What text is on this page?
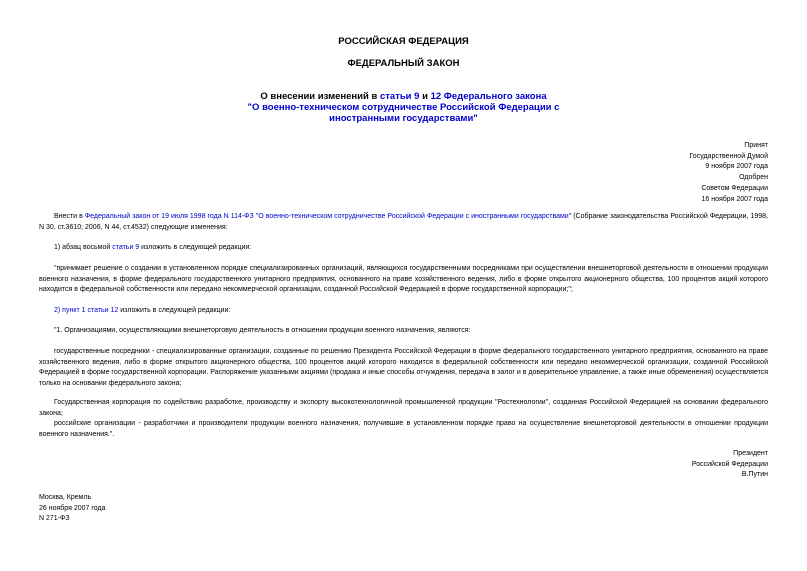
РОССИЙСКАЯ ФЕДЕРАЦИЯ
ФЕДЕРАЛЬНЫЙ ЗАКОН
О внесении изменений в статьи 9 и 12 Федерального закона
"О военно-техническом сотрудничестве Российской Федерации с
иностранными государствами"
Принят
Государственной Думой
9 ноября 2007 года
Одобрен
Советом Федерации
16 ноября 2007 года
Внести в Федеральный закон от 19 июля 1998 года N 114-ФЗ "О военно-техническом сотрудничестве Российской Федерации с иностранными государствами" (Собрание законодательства Российской Федерации, 1998, N 30, ст.3610; 2006, N 44, ст.4532) следующие изменения:
1) абзац восьмой статьи 9 изложить в следующей редакции:
"принимает решение о создании в установленном порядке специализированных организаций, являющихся государственными посредниками при осуществлении внешнеторговой деятельности в отношении продукции военного назначения, в форме федерального государственного унитарного предприятия, основанного на праве хозяйственного ведения, либо в форме открытого акционерного общества, 100 процентов акций которого находится в федеральной собственности или передано некоммерческой организации, созданной Российской Федерацией в форме государственной корпорации;";
2) пункт 1 статьи 12 изложить в следующей редакции:
"1. Организациями, осуществляющими внешнеторговую деятельность в отношении продукции военного назначения, являются:
государственные посредники - специализированные организации, созданные по решению Президента Российской Федерации в форме федерального государственного унитарного предприятия, основанного на праве хозяйственного ведения, либо в форме открытого акционерного общества, 100 процентов акций которого находится в федеральной собственности или передано некоммерческой организации, созданной Российской Федерацией в форме государственной корпорации. Распоряжение указанными акциями (продажа и иные способы отчуждения, передача в залог и в доверительное управление, а также иные обременения) осуществляется только на основании федерального закона;
Государственная корпорация по содействию разработке, производству и экспорту высокотехнологичной промышленной продукции "Ростехнологии", созданная Российской Федерацией на основании федерального закона;
российские организации - разработчики и производители продукции военного назначения, получившие в установленном порядке право на осуществление внешнеторговой деятельности в отношении продукции военного назначения.".
Президент
Российской Федерации
В.Путин
Москва, Кремль
26 ноября 2007 года
N 271-ФЗ
